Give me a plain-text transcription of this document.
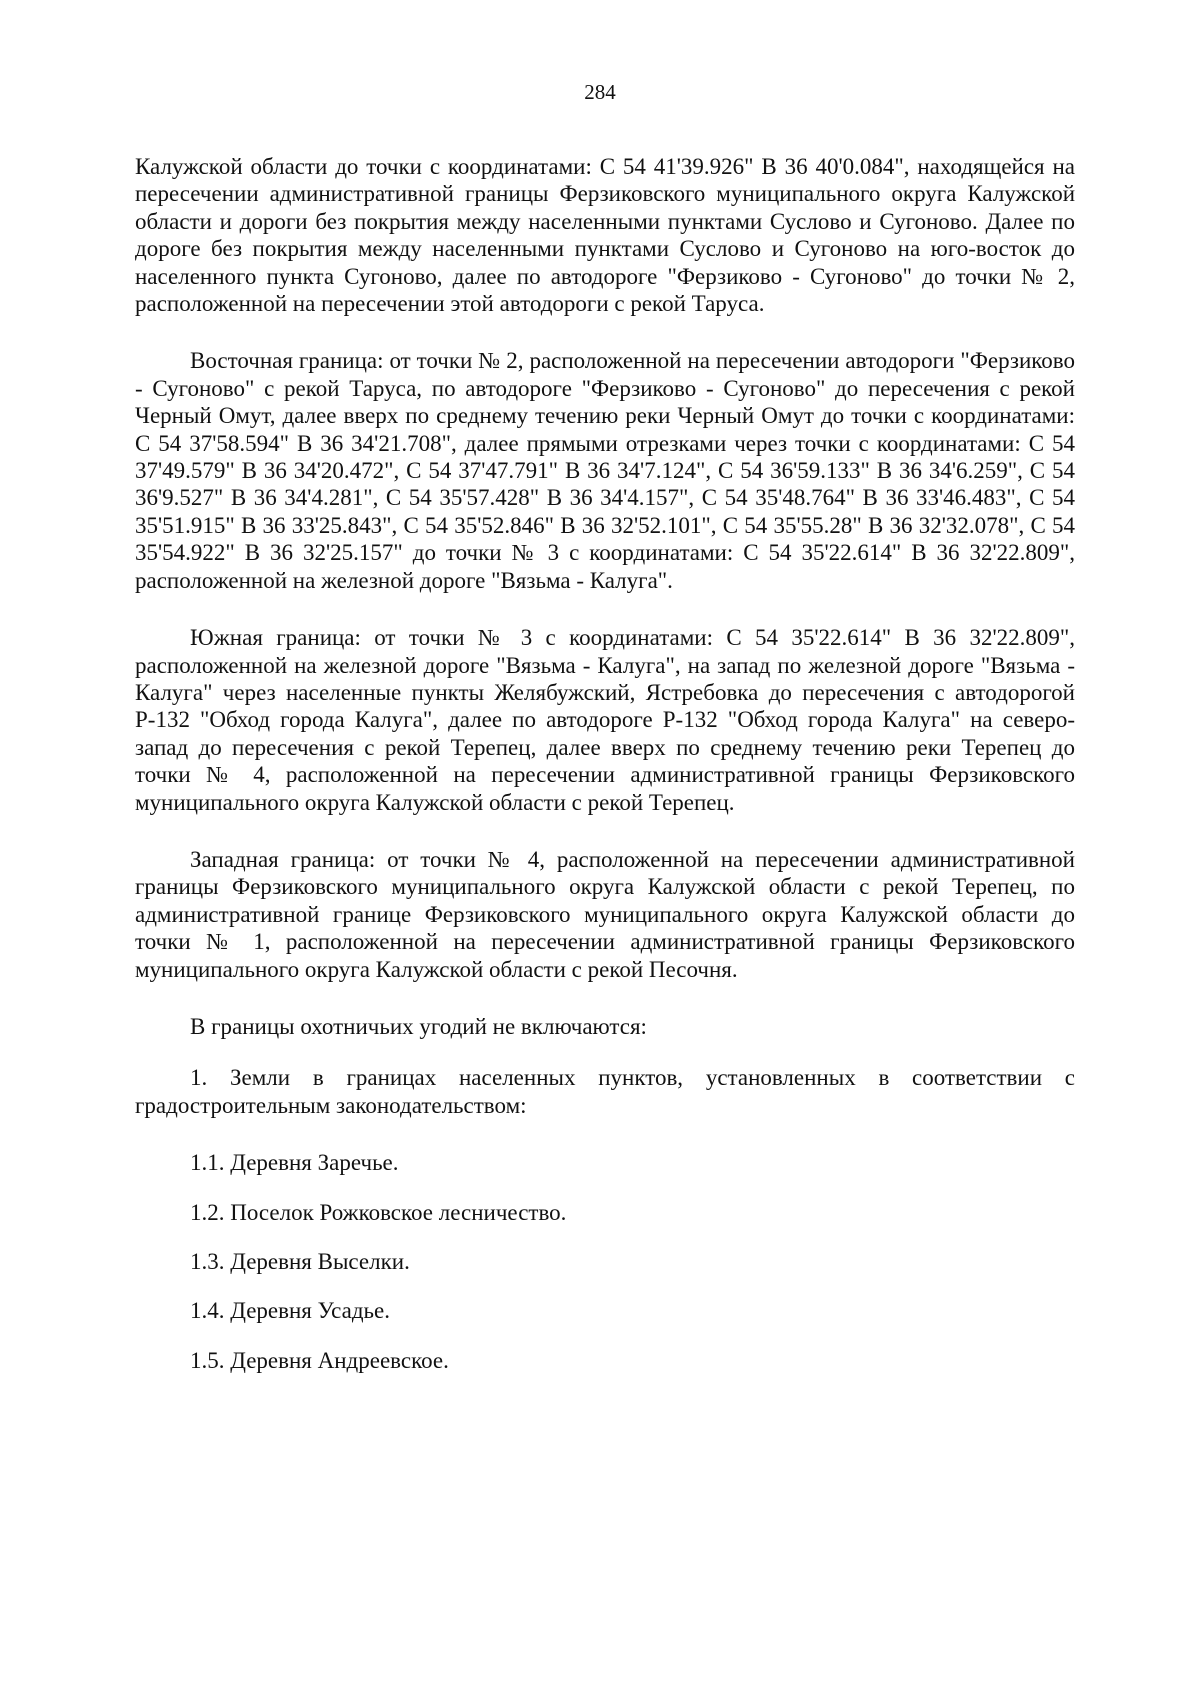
284

Калужской области до точки с координатами: С 54 41'39.926" В 36 40'0.084", находящейся на пересечении административной границы Ферзиковского муниципального округа Калужской области и дороги без покрытия между населенными пунктами Суслово и Сугоново. Далее по дороге без покрытия между населенными пунктами Суслово и Сугоново на юго-восток до населенного пункта Сугоново, далее по автодороге "Ферзиково - Сугоново" до точки № 2, расположенной на пересечении этой автодороги с рекой Таруса.

Восточная граница: от точки № 2, расположенной на пересечении автодороги "Ферзиково - Сугоново" с рекой Таруса, по автодороге "Ферзиково - Сугоново" до пересечения с рекой Черный Омут, далее вверх по среднему течению реки Черный Омут до точки с координатами: С 54 37'58.594" В 36 34'21.708", далее прямыми отрезками через точки с координатами: С 54 37'49.579" В 36 34'20.472", С 54 37'47.791" В 36 34'7.124", С 54 36'59.133" В 36 34'6.259", С 54 36'9.527" В 36 34'4.281", С 54 35'57.428" В 36 34'4.157", С 54 35'48.764" В 36 33'46.483", С 54 35'51.915" В 36 33'25.843", С 54 35'52.846" В 36 32'52.101", С 54 35'55.28" В 36 32'32.078", С 54 35'54.922" В 36 32'25.157" до точки № 3 с координатами: С 54 35'22.614" В 36 32'22.809", расположенной на железной дороге "Вязьма - Калуга".

Южная граница: от точки № 3 с координатами: С 54 35'22.614" В 36 32'22.809", расположенной на железной дороге "Вязьма - Калуга", на запад по железной дороге "Вязьма - Калуга" через населенные пункты Желябужский, Ястребовка до пересечения с автодорогой Р-132 "Обход города Калуга", далее по автодороге Р-132 "Обход города Калуга" на северо-запад до пересечения с рекой Терепец, далее вверх по среднему течению реки Терепец до точки № 4, расположенной на пересечении административной границы Ферзиковского муниципального округа Калужской области с рекой Терепец.

Западная граница: от точки № 4, расположенной на пересечении административной границы Ферзиковского муниципального округа Калужской области с рекой Терепец, по административной границе Ферзиковского муниципального округа Калужской области до точки № 1, расположенной на пересечении административной границы Ферзиковского муниципального округа Калужской области с рекой Песочня.

В границы охотничьих угодий не включаются:

1. Земли в границах населенных пунктов, установленных в соответствии с градостроительным законодательством:

1.1. Деревня Заречье.
1.2. Поселок Рожковское лесничество.
1.3. Деревня Выселки.
1.4. Деревня Усадье.
1.5. Деревня Андреевское.
